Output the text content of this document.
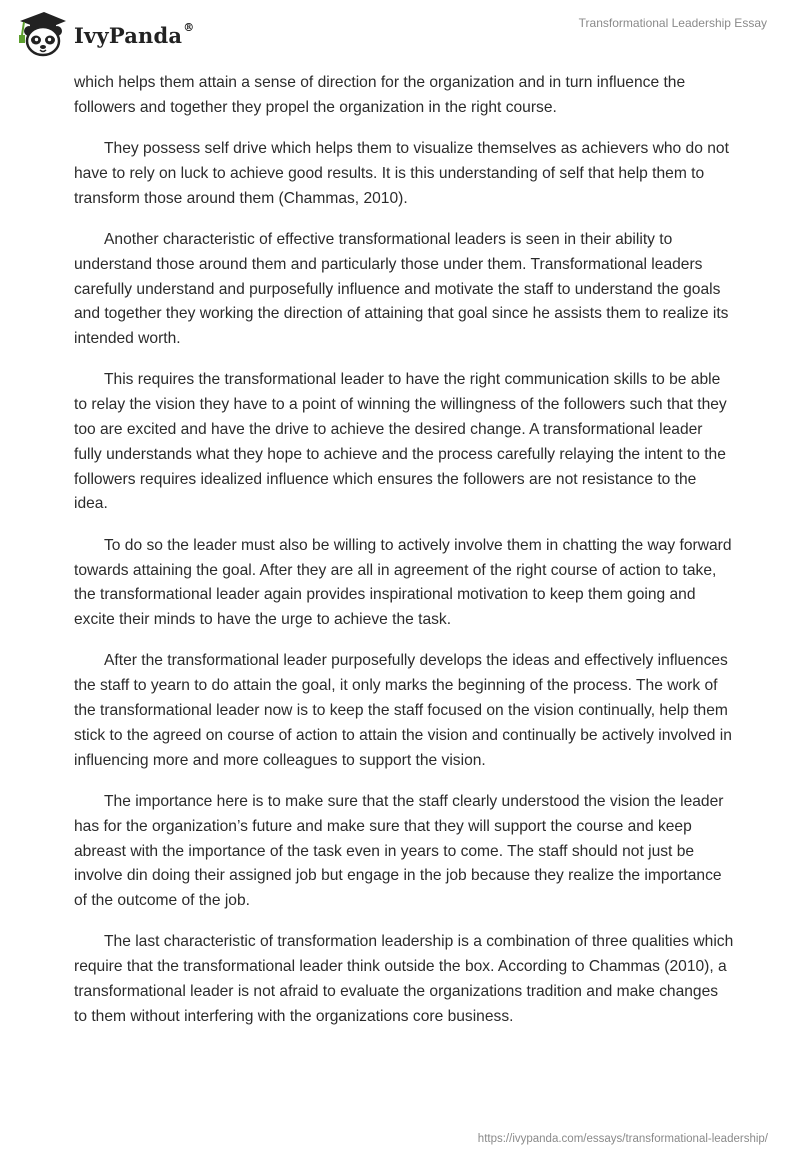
IvyPanda®	Transformational Leadership Essay

which helps them attain a sense of direction for the organization and in turn influence the followers and together they propel the organization in the right course.

They possess self drive which helps them to visualize themselves as achievers who do not have to rely on luck to achieve good results. It is this understanding of self that help them to transform those around them (Chammas, 2010).

Another characteristic of effective transformational leaders is seen in their ability to understand those around them and particularly those under them. Transformational leaders carefully understand and purposefully influence and motivate the staff to understand the goals and together they working the direction of attaining that goal since he assists them to realize its intended worth.

This requires the transformational leader to have the right communication skills to be able to relay the vision they have to a point of winning the willingness of the followers such that they too are excited and have the drive to achieve the desired change. A transformational leader fully understands what they hope to achieve and the process carefully relaying the intent to the followers requires idealized influence which ensures the followers are not resistance to the idea.

To do so the leader must also be willing to actively involve them in chatting the way forward towards attaining the goal. After they are all in agreement of the right course of action to take, the transformational leader again provides inspirational motivation to keep them going and excite their minds to have the urge to achieve the task.

After the transformational leader purposefully develops the ideas and effectively influences the staff to yearn to do attain the goal, it only marks the beginning of the process. The work of the transformational leader now is to keep the staff focused on the vision continually, help them stick to the agreed on course of action to attain the vision and continually be actively involved in influencing more and more colleagues to support the vision.

The importance here is to make sure that the staff clearly understood the vision the leader has for the organization’s future and make sure that they will support the course and keep abreast with the importance of the task even in years to come. The staff should not just be involve din doing their assigned job but engage in the job because they realize the importance of the outcome of the job.

The last characteristic of transformation leadership is a combination of three qualities which require that the transformational leader think outside the box. According to Chammas (2010), a transformational leader is not afraid to evaluate the organizations tradition and make changes to them without interfering with the organizations core business.

https://ivypanda.com/essays/transformational-leadership/
